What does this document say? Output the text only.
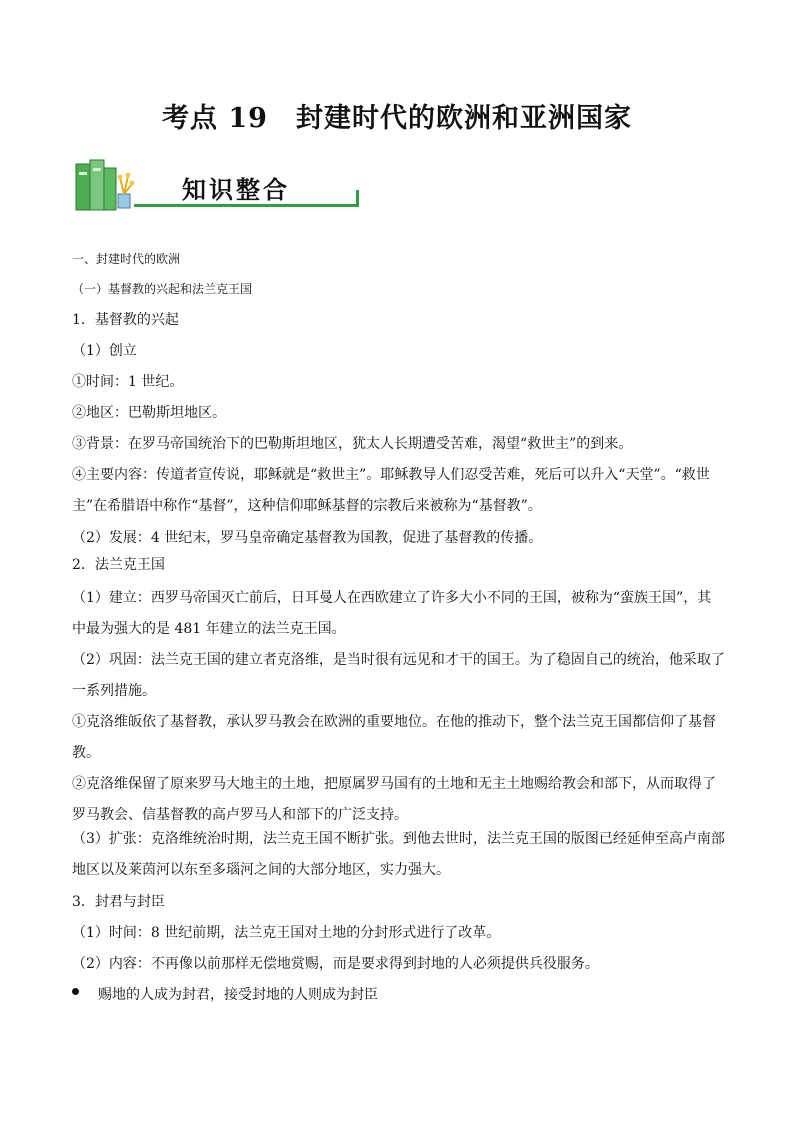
考点 19　封建时代的欧洲和亚洲国家
知识整合
一、封建时代的欧洲
（一）基督教的兴起和法兰克王国
1．基督教的兴起
（1）创立
①时间：1 世纪。
②地区：巴勒斯坦地区。
③背景：在罗马帝国统治下的巴勒斯坦地区，犹太人长期遭受苦难，渴望“救世主”的到来。
④主要内容：传道者宣传说，耶稣就是“救世主”。耶稣教导人们忍受苦难，死后可以升入“天堂”。“救世
主”在希腊语中称作“基督”，这种信仰耶稣基督的宗教后来被称为“基督教”。
（2）发展：4 世纪末，罗马皇帝确定基督教为国教，促进了基督教的传播。
2．法兰克王国
（1）建立：西罗马帝国灭亡前后，日耳曼人在西欧建立了许多大小不同的王国，被称为“蛮族王国”，其
中最为强大的是 481 年建立的法兰克王国。
（2）巩固：法兰克王国的建立者克洛维，是当时很有远见和才干的国王。为了稳固自己的统治，他采取了
一系列措施。
①克洛维皈依了基督教，承认罗马教会在欧洲的重要地位。在他的推动下，整个法兰克王国都信仰了基督
教。
②克洛维保留了原来罗马大地主的土地，把原属罗马国有的土地和无主土地赐给教会和部下，从而取得了
罗马教会、信基督教的高卢罗马人和部下的广泛支持。
（3）扩张：克洛维统治时期，法兰克王国不断扩张。到他去世时，法兰克王国的版图已经延伸至高卢南部
地区以及莱茵河以东至多瑙河之间的大部分地区，实力强大。
3．封君与封臣
（1）时间：8 世纪前期，法兰克王国对土地的分封形式进行了改革。
（2）内容：不再像以前那样无偿地赏赐，而是要求得到封地的人必须提供兵役服务。
赐地的人成为封君，接受封地的人则成为封臣
